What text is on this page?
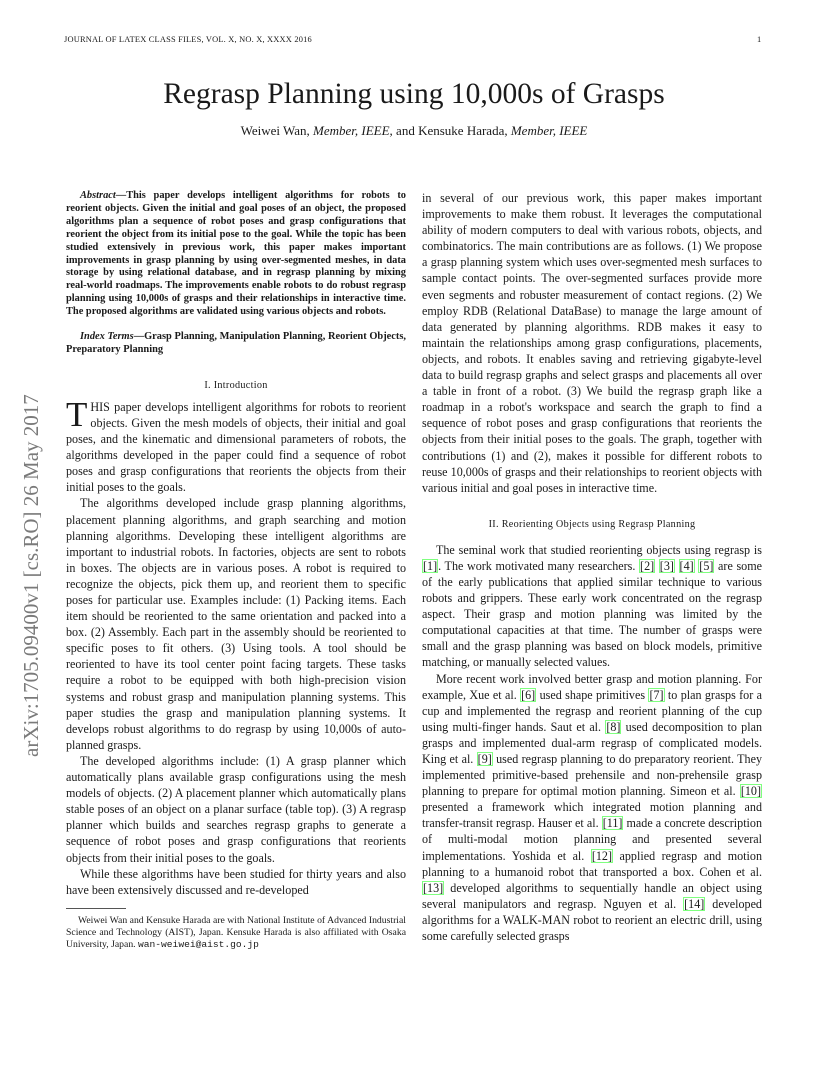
JOURNAL OF LATEX CLASS FILES, VOL. X, NO. X, XXXX 2016	1
arXiv:1705.09400v1 [cs.RO] 26 May 2017
Regrasp Planning using 10,000s of Grasps
Weiwei Wan, Member, IEEE, and Kensuke Harada, Member, IEEE

Abstract—This paper develops intelligent algorithms for robots to reorient objects. Given the initial and goal poses of an object, the proposed algorithms plan a sequence of robot poses and grasp configurations that reorient the object from its initial pose to the goal. While the topic has been studied extensively in previous work, this paper makes important improvements in grasp planning by using over-segmented meshes, in data storage by using relational database, and in regrasp planning by mixing real-world roadmaps. The improvements enable robots to do robust regrasp planning using 10,000s of grasps and their relationships in interactive time. The proposed algorithms are validated using various objects and robots.

Index Terms—Grasp Planning, Manipulation Planning, Reorient Objects, Preparatory Planning

I. Introduction

THIS paper develops intelligent algorithms for robots to reorient objects. Given the mesh models of objects, their initial and goal poses, and the kinematic and dimensional parameters of robots, the algorithms developed in the paper could find a sequence of robot poses and grasp configurations that reorients the objects from their initial poses to the goals.

The algorithms developed include grasp planning algorithms, placement planning algorithms, and graph searching and motion planning algorithms. Developing these intelligent algorithms are important to industrial robots. In factories, objects are sent to robots in boxes. The objects are in various poses. A robot is required to recognize the objects, pick them up, and reorient them to specific poses for particular use. Examples include: (1) Packing items. Each item should be reoriented to the same orientation and packed into a box. (2) Assembly. Each part in the assembly should be reoriented to specific poses to fit others. (3) Using tools. A tool should be reoriented to have its tool center point facing targets. These tasks require a robot to be equipped with both high-precision vision systems and robust grasp and manipulation planning systems. This paper studies the grasp and manipulation planning systems. It develops robust algorithms to do regrasp by using 10,000s of auto-planned grasps.

The developed algorithms include: (1) A grasp planner which automatically plans available grasp configurations using the mesh models of objects. (2) A placement planner which automatically plans stable poses of an object on a planar surface (table top). (3) A regrasp planner which builds and searches regrasp graphs to generate a sequence of robot poses and grasp configurations that reorients objects from their initial poses to the goals.

While these algorithms have been studied for thirty years and also have been extensively discussed and re-developed

Weiwei Wan and Kensuke Harada are with National Institute of Advanced Industrial Science and Technology (AIST), Japan. Kensuke Harada is also affiliated with Osaka University, Japan. wan-weiwei@aist.go.jp

in several of our previous work, this paper makes important improvements to make them robust. It leverages the computational ability of modern computers to deal with various robots, objects, and combinatorics. The main contributions are as follows. (1) We propose a grasp planning system which uses over-segmented mesh surfaces to sample contact points. The over-segmented surfaces provide more even segments and robuster measurement of contact regions. (2) We employ RDB (Relational DataBase) to manage the large amount of data generated by planning algorithms. RDB makes it easy to maintain the relationships among grasp configurations, placements, objects, and robots. It enables saving and retrieving gigabyte-level data to build regrasp graphs and select grasps and placements all over a table in front of a robot. (3) We build the regrasp graph like a roadmap in a robot's workspace and search the graph to find a sequence of robot poses and grasp configurations that reorients the objects from their initial poses to the goals. The graph, together with contributions (1) and (2), makes it possible for different robots to reuse 10,000s of grasps and their relationships to reorient objects with various initial and goal poses in interactive time.

II. Reorienting Objects using Regrasp Planning

The seminal work that studied reorienting objects using regrasp is [1]. The work motivated many researchers. [2] [3] [4] [5] are some of the early publications that applied similar technique to various robots and grippers. These early work concentrated on the regrasp aspect. Their grasp and motion planning was limited by the computational capacities at that time. The number of grasps were small and the grasp planning was based on block models, primitive matching, or manually selected values.

More recent work involved better grasp and motion planning. For example, Xue et al. [6] used shape primitives [7] to plan grasps for a cup and implemented the regrasp and reorient planning of the cup using multi-finger hands. Saut et al. [8] used decomposition to plan grasps and implemented dual-arm regrasp of complicated models. King et al. [9] used regrasp planning to do preparatory reorient. They implemented primitive-based prehensile and non-prehensile grasp planning to prepare for optimal motion planning. Simeon et al. [10] presented a framework which integrated motion planning and transfer-transit regrasp. Hauser et al. [11] made a concrete description of multi-modal motion planning and presented several implementations. Yoshida et al. [12] applied regrasp and motion planning to a humanoid robot that transported a box. Cohen et al. [13] developed algorithms to sequentially handle an object using several manipulators and regrasp. Nguyen et al. [14] developed algorithms for a WALK-MAN robot to reorient an electric drill, using some carefully selected grasps
